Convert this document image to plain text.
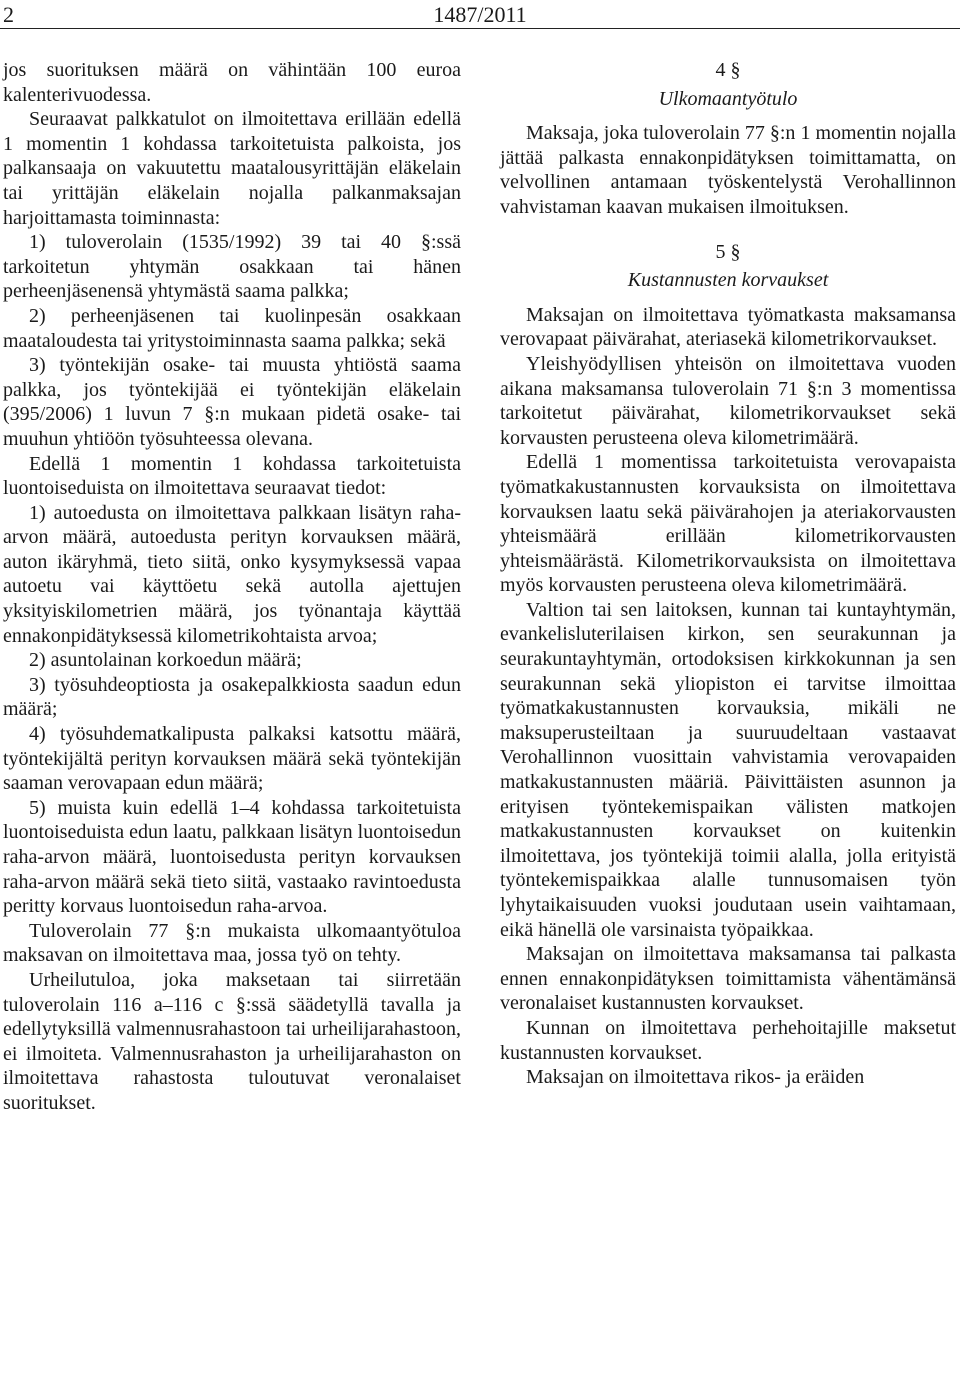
2	1487/2011

jos suorituksen määrä on vähintään 100 euroa kalenterivuodessa.

Seuraavat palkkatulot on ilmoitettava erillään edellä 1 momentin 1 kohdassa tarkoitetuista palkoista, jos palkansaaja on vakuutettu maatalousyrittäjän eläkelain tai yrittäjän eläkelain nojalla palkanmaksajan harjoittamasta toiminnasta:

1) tuloverolain (1535/1992) 39 tai 40 §:ssä tarkoitetun yhtymän osakkaan tai hänen perheenjäsenensä yhtymästä saama palkka;

2) perheenjäsenen tai kuolinpesän osakkaan maataloudesta tai yritystoiminnasta saama palkka; sekä

3) työntekijän osake- tai muusta yhtiöstä saama palkka, jos työntekijää ei työntekijän eläkelain (395/2006) 1 luvun 7 §:n mukaan pidetä osake- tai muuhun yhtiöön työsuhteessa olevana.

Edellä 1 momentin 1 kohdassa tarkoitetuista luontoiseduista on ilmoitettava seuraavat tiedot:

1) autoedusta on ilmoitettava palkkaan lisätyn raha-arvon määrä, autoedusta perityn korvauksen määrä, auton ikäryhmä, tieto siitä, onko kysymyksessä vapaa autoetu vai käyttöetu sekä autolla ajettujen yksityiskilometrien määrä, jos työnantaja käyttää ennakonpidätyksessä kilometrikohtaista arvoa;

2) asuntolainan korkoedun määrä;

3) työsuhdeoptiosta ja osakepalkkiosta saadun edun määrä;

4) työsuhdematkalipusta palkaksi katsottu määrä, työntekijältä perityn korvauksen määrä sekä työntekijän saaman verovapaan edun määrä;

5) muista kuin edellä 1–4 kohdassa tarkoitetuista luontoiseduista edun laatu, palkkaan lisätyn luontoisedun raha-arvon määrä, luontoisedusta perityn korvauksen raha-arvon määrä sekä tieto siitä, vastaako ravintoedusta peritty korvaus luontoisedun raha-arvoa.

Tuloverolain 77 §:n mukaista ulkomaantyötuloa maksavan on ilmoitettava maa, jossa työ on tehty.

Urheilutuloa, joka maksetaan tai siirretään tuloverolain 116 a–116 c §:ssä säädetyllä tavalla ja edellytyksillä valmennusrahastoon tai urheilijarahastoon, ei ilmoiteta. Valmennusrahaston ja urheilijarahaston on ilmoitettava rahastosta tuloutuvat veronalaiset suoritukset.

4 §

Ulkomaantyötulo

Maksaja, joka tuloverolain 77 §:n 1 momentin nojalla jättää palkasta ennakonpidätyksen toimittamatta, on velvollinen antamaan työskentelystä Verohallinnon vahvistaman kaavan mukaisen ilmoituksen.

5 §

Kustannusten korvaukset

Maksajan on ilmoitettava työmatkasta maksamansa verovapaat päivärahat, ateriasekä kilometrikorvaukset.

Yleishyödyllisen yhteisön on ilmoitettava vuoden aikana maksamansa tuloverolain 71 §:n 3 momentissa tarkoitetut päivärahat, kilometrikorvaukset sekä korvausten perusteena oleva kilometrimäärä.

Edellä 1 momentissa tarkoitetuista verovapaista työmatkakustannusten korvauksista on ilmoitettava korvauksen laatu sekä päivärahojen ja ateriakorvausten yhteismäärä erillään kilometrikorvausten yhteismäärästä. Kilometrikorvauksista on ilmoitettava myös korvausten perusteena oleva kilometrimäärä.

Valtion tai sen laitoksen, kunnan tai kuntayhtymän, evankelisluterilaisen kirkon, sen seurakunnan ja seurakuntayhtymän, ortodoksisen kirkkokunnan ja sen seurakunnan sekä yliopiston ei tarvitse ilmoittaa työmatkakustannusten korvauksia, mikäli ne maksuperusteiltaan ja suuruudeltaan vastaavat Verohallinnon vuosittain vahvistamia verovapaiden matkakustannusten määriä. Päivittäisten asunnon ja erityisen työntekemispaikan välisten matkojen matkakustannusten korvaukset on kuitenkin ilmoitettava, jos työntekijä toimii alalla, jolla erityistä työntekemispaikkaa alalle tunnusomaisen työn lyhytaikaisuuden vuoksi joudutaan usein vaihtamaan, eikä hänellä ole varsinaista työpaikkaa.

Maksajan on ilmoitettava maksamansa tai palkasta ennen ennakonpidätyksen toimittamista vähentämänsä veronalaiset kustannusten korvaukset.

Kunnan on ilmoitettava perhehoitajille maksetut kustannusten korvaukset.

Maksajan on ilmoitettava rikos- ja eräiden
